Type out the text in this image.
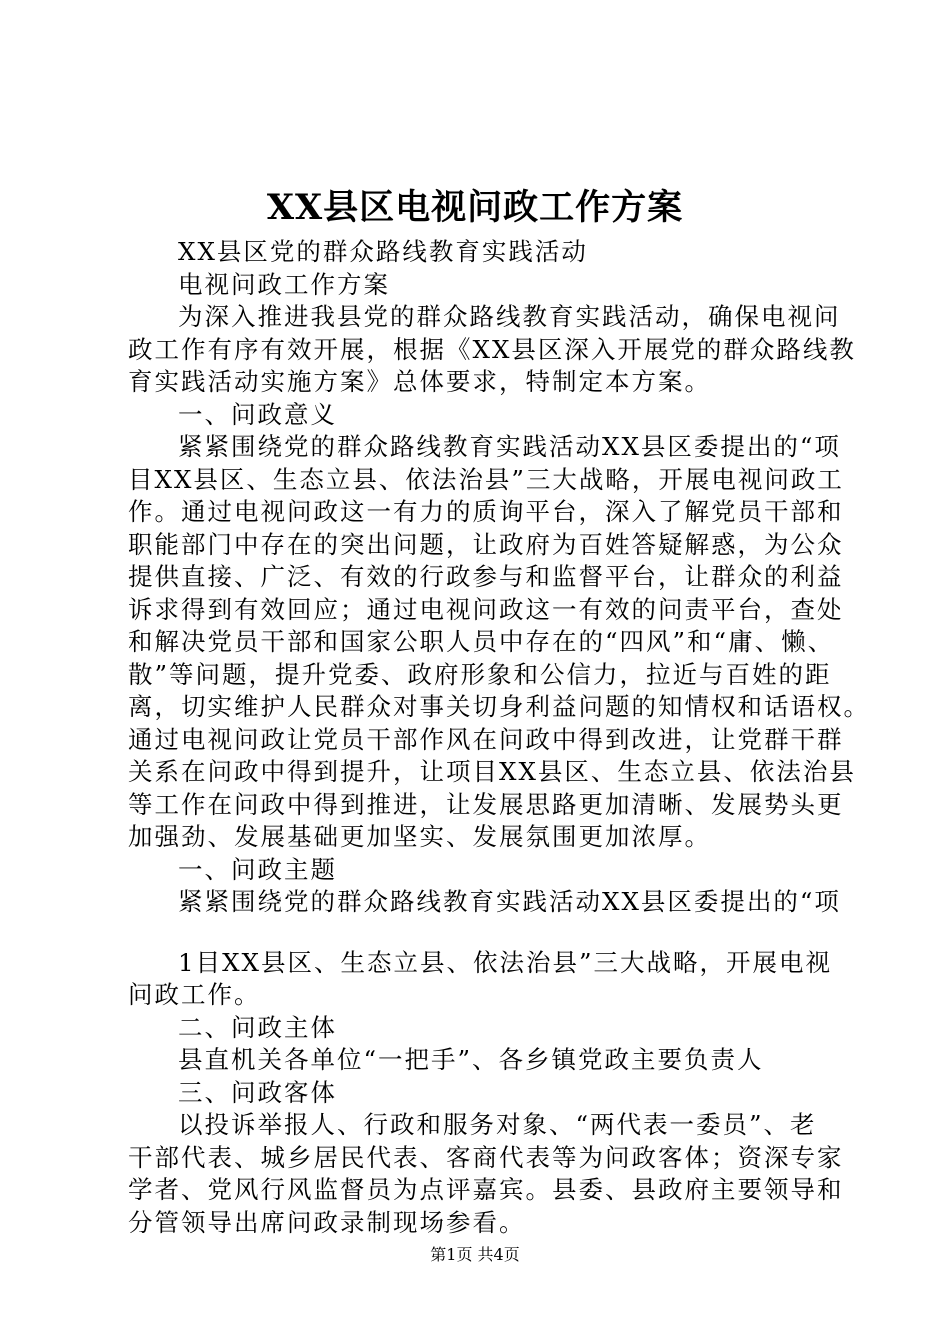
XX县区电视问政工作方案

XX县区党的群众路线教育实践活动

电视问政工作方案

为深入推进我县党的群众路线教育实践活动，确保电视问

政工作有序有效开展，根据《XX县区深入开展党的群众路线教

育实践活动实施方案》总体要求，特制定本方案。

一、问政意义

紧紧围绕党的群众路线教育实践活动XX县区委提出的“项

目XX县区、生态立县、依法治县”三大战略，开展电视问政工

作。通过电视问政这一有力的质询平台，深入了解党员干部和

职能部门中存在的突出问题，让政府为百姓答疑解惑，为公众

提供直接、广泛、有效的行政参与和监督平台，让群众的利益

诉求得到有效回应；通过电视问政这一有效的问责平台，查处

和解决党员干部和国家公职人员中存在的“四风”和“庸、懒、

散”等问题，提升党委、政府形象和公信力，拉近与百姓的距

离，切实维护人民群众对事关切身利益问题的知情权和话语权。

通过电视问政让党员干部作风在问政中得到改进，让党群干群

关系在问政中得到提升，让项目XX县区、生态立县、依法治县

等工作在问政中得到推进，让发展思路更加清晰、发展势头更

加强劲、发展基础更加坚实、发展氛围更加浓厚。

一、问政主题

紧紧围绕党的群众路线教育实践活动XX县区委提出的“项

1目XX县区、生态立县、依法治县”三大战略，开展电视

问政工作。

二、问政主体

县直机关各单位“一把手”、各乡镇党政主要负责人

三、问政客体

以投诉举报人、行政和服务对象、“两代表一委员”、老

干部代表、城乡居民代表、客商代表等为问政客体；资深专家

学者、党风行风监督员为点评嘉宾。县委、县政府主要领导和

分管领导出席问政录制现场参看。

第1页 共4页
